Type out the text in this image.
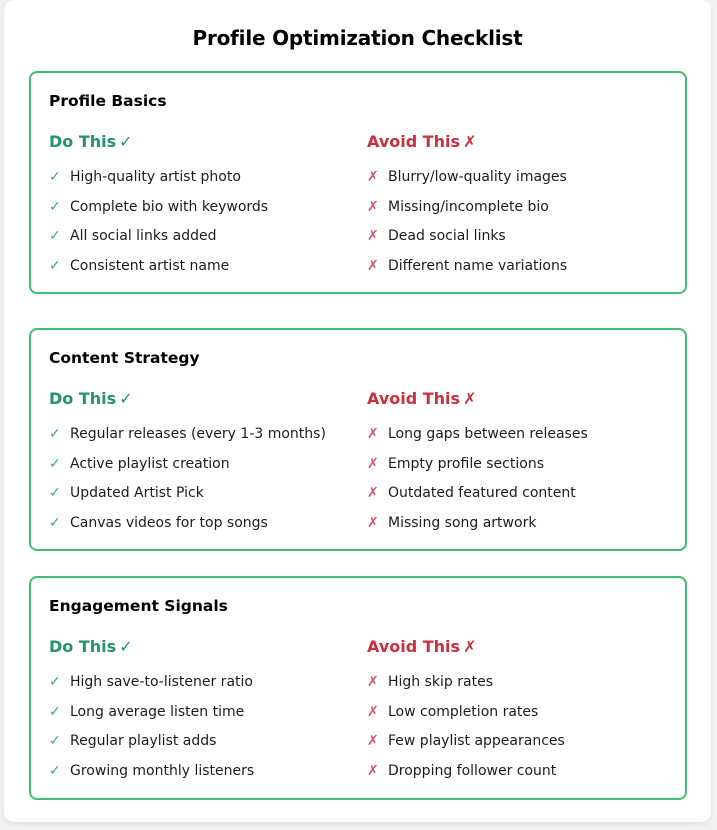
Profile Optimization Checklist
Profile Basics
Do This ✓
✓ High-quality artist photo
✓ Complete bio with keywords
✓ All social links added
✓ Consistent artist name
Avoid This ✗
✗ Blurry/low-quality images
✗ Missing/incomplete bio
✗ Dead social links
✗ Different name variations
Content Strategy
Do This ✓
✓ Regular releases (every 1-3 months)
✓ Active playlist creation
✓ Updated Artist Pick
✓ Canvas videos for top songs
Avoid This ✗
✗ Long gaps between releases
✗ Empty profile sections
✗ Outdated featured content
✗ Missing song artwork
Engagement Signals
Do This ✓
✓ High save-to-listener ratio
✓ Long average listen time
✓ Regular playlist adds
✓ Growing monthly listeners
Avoid This ✗
✗ High skip rates
✗ Low completion rates
✗ Few playlist appearances
✗ Dropping follower count
